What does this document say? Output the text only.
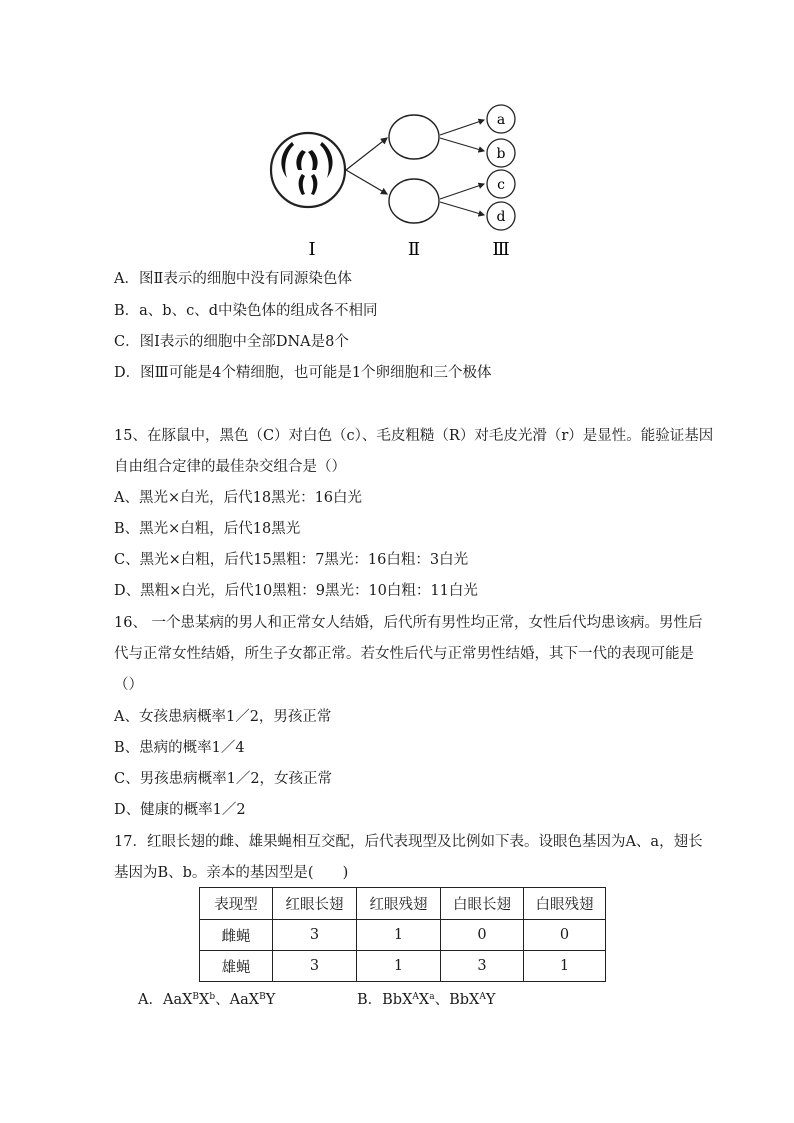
a
b
c
d
Ⅰ	Ⅱ	Ⅲ
A．图Ⅱ表示的细胞中没有同源染色体
B．a、b、c、d中染色体的组成各不相同
C．图Ⅰ表示的细胞中全部DNA是8个
D．图Ⅲ可能是4个精细胞，也可能是1个卵细胞和三个极体
15、在豚鼠中，黑色（C）对白色（c）、毛皮粗糙（R）对毛皮光滑（r）是显性。能验证基因
自由组合定律的最佳杂交组合是（）
A、黑光×白光，后代18黑光：16白光
B、黑光×白粗，后代18黑光
C、黑光×白粗，后代15黑粗：7黑光：16白粗：3白光
D、黑粗×白光，后代10黑粗：9黑光：10白粗：11白光
16、 一个患某病的男人和正常女人结婚，后代所有男性均正常，女性后代均患该病。男性后
代与正常女性结婚，所生子女都正常。若女性后代与正常男性结婚，其下一代的表现可能是
（）
A、女孩患病概率1／2，男孩正常
B、患病的概率1／4
C、男孩患病概率1／2，女孩正常
D、健康的概率1／2
17．红眼长翅的雌、雄果蝇相互交配，后代表现型及比例如下表。设眼色基因为A、a，翅长
基因为B、b。亲本的基因型是(　　)
表现型	红眼长翅	红眼残翅	白眼长翅	白眼残翅
雌蝇	3	1	0	0
雄蝇	3	1	3	1
A．$AaX^BX^b$、AaX$^B$Y	B．$BbX^AX^a$、BbX$^A$Y
